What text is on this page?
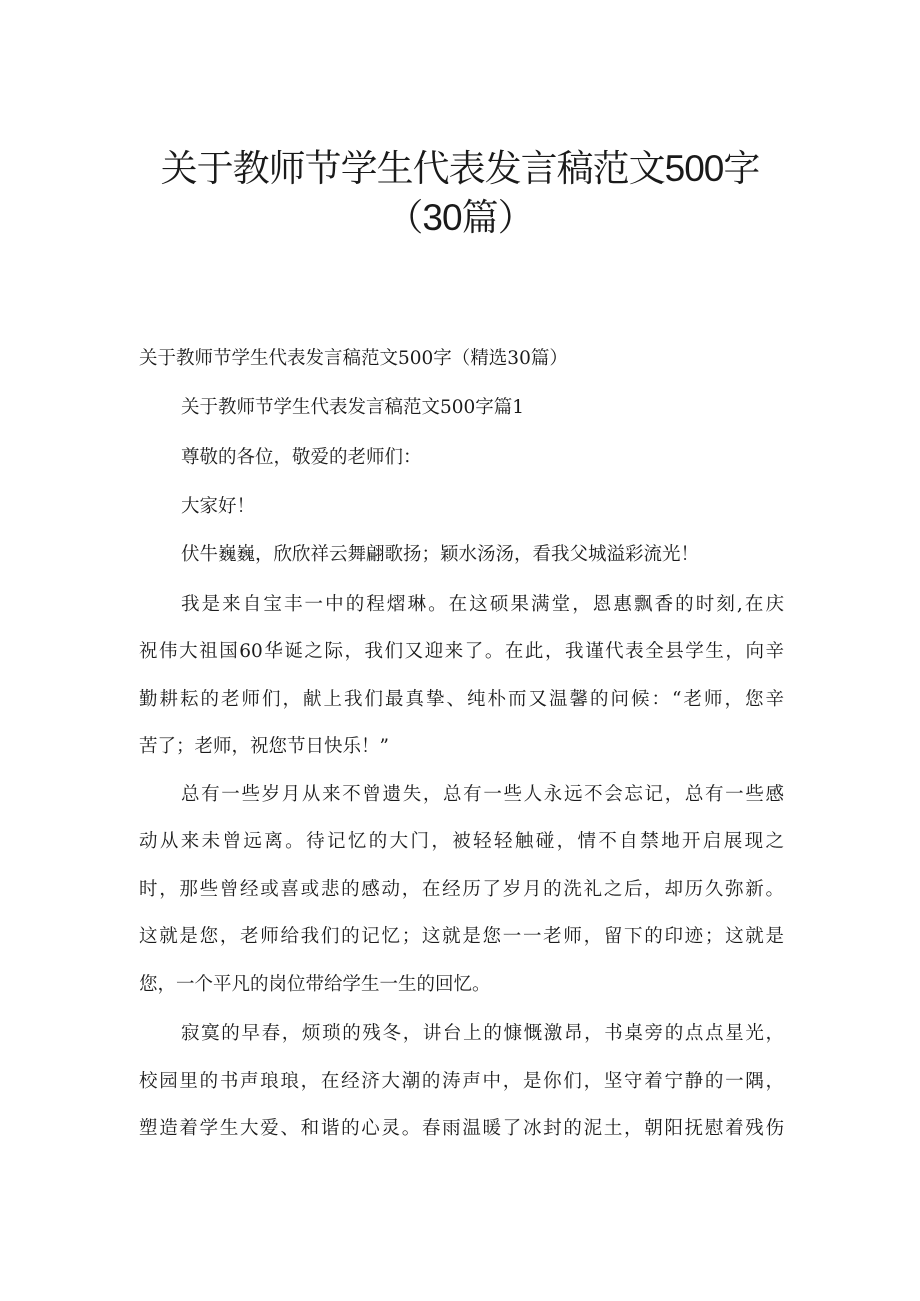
关于教师节学生代表发言稿范文500字
（30篇）
关于教师节学生代表发言稿范文500字（精选30篇）
关于教师节学生代表发言稿范文500字篇1
尊敬的各位，敬爱的老师们：
大家好！
伏牛巍巍，欣欣祥云舞翩歌扬；颖水汤汤，看我父城溢彩流光！
我是来自宝丰一中的程熠琳。在这硕果满堂，恩惠飘香的时刻,在庆
祝伟大祖国60华诞之际，我们又迎来了。在此，我谨代表全县学生，向辛
勤耕耘的老师们，献上我们最真挚、纯朴而又温馨的问候：“老师，您辛
苦了；老师，祝您节日快乐！”
总有一些岁月从来不曾遗失，总有一些人永远不会忘记，总有一些感
动从来未曾远离。待记忆的大门，被轻轻触碰，情不自禁地开启展现之
时，那些曾经或喜或悲的感动，在经历了岁月的洗礼之后，却历久弥新。
这就是您，老师给我们的记忆；这就是您一一老师，留下的印迹；这就是
您，一个平凡的岗位带给学生一生的回忆。
寂寞的早春，烦琐的残冬，讲台上的慷慨激昂，书桌旁的点点星光，
校园里的书声琅琅，在经济大潮的涛声中，是你们，坚守着宁静的一隅，
塑造着学生大爱、和谐的心灵。春雨温暖了冰封的泥土，朝阳抚慰着残伤
